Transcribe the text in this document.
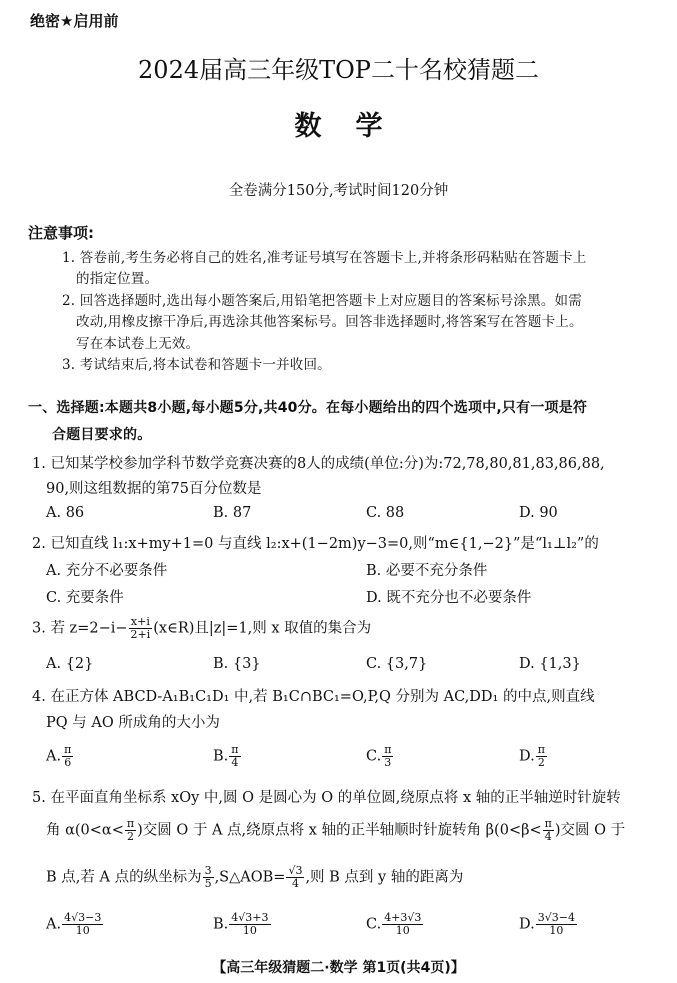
绝密★启用前
2024届高三年级TOP二十名校猜题二
数学
全卷满分150分,考试时间120分钟
注意事项:
1. 答卷前,考生务必将自己的姓名,准考证号填写在答题卡上,并将条形码粘贴在答题卡上
的指定位置。
2. 回答选择题时,选出每小题答案后,用铅笔把答题卡上对应题目的答案标号涂黑。如需
改动,用橡皮擦干净后,再选涂其他答案标号。回答非选择题时,将答案写在答题卡上。
写在本试卷上无效。
3. 考试结束后,将本试卷和答题卡一并收回。
一、选择题:本题共8小题,每小题5分,共40分。在每小题给出的四个选项中,只有一项是符
合题目要求的。
1. 已知某学校参加学科节数学竞赛决赛的8人的成绩(单位:分)为:72,78,80,81,83,86,88,
90,则这组数据的第75百分位数是
A. 86	B. 87	C. 88	D. 90
2. 已知直线 l₁:x+my+1=0 与直线 l₂:x+(1−2m)y−3=0,则“m∈{1,−2}”是“l₁⊥l₂”的
A. 充分不必要条件	B. 必要不充分条件
C. 充要条件	D. 既不充分也不必要条件
3. 若 $z=2-i- \frac{x+i}{2+i}$ (x∈R)且|z|=1,则 x 取值的集合为
A. {2}	B. {3}	C. {3,7}	D. {1,3}
4. 在正方体 ABCD-A₁B₁C₁D₁ 中,若 B₁C∩BC₁=O,P,Q 分别为 AC,DD₁ 的中点,则直线
PQ 与 AO 所成角的大小为
A. $\frac{\pi}{6}$	B. $\frac{\pi}{4}$	C. $\frac{\pi}{3}$	D. $\frac{\pi}{2}$
5. 在平面直角坐标系 xOy 中,圆 O 是圆心为 O 的单位圆,绕原点将 x 轴的正半轴逆时针旋转
角 $\alpha(0<\alpha< \frac{\pi}{2}$ )交圆 O 于 A 点,绕原点将 x 轴的正半轴顺时针旋转角 $\beta(0<\beta< \frac{\pi}{4}$ )交圆 O 于
B 点,若 A 点的纵坐标为 $\frac{3}{5}$ ,S△AOB= $\frac{√3}{4}$ ,则 B 点到 y 轴的距离为
A. $\frac{4√3-3}{10}$	B. $\frac{4√3+3}{10}$	C. $\frac{4+3√3}{10}$	D. $\frac{3√3-4}{10}$
【高三年级猜题二·数学 第1页(共4页)】
